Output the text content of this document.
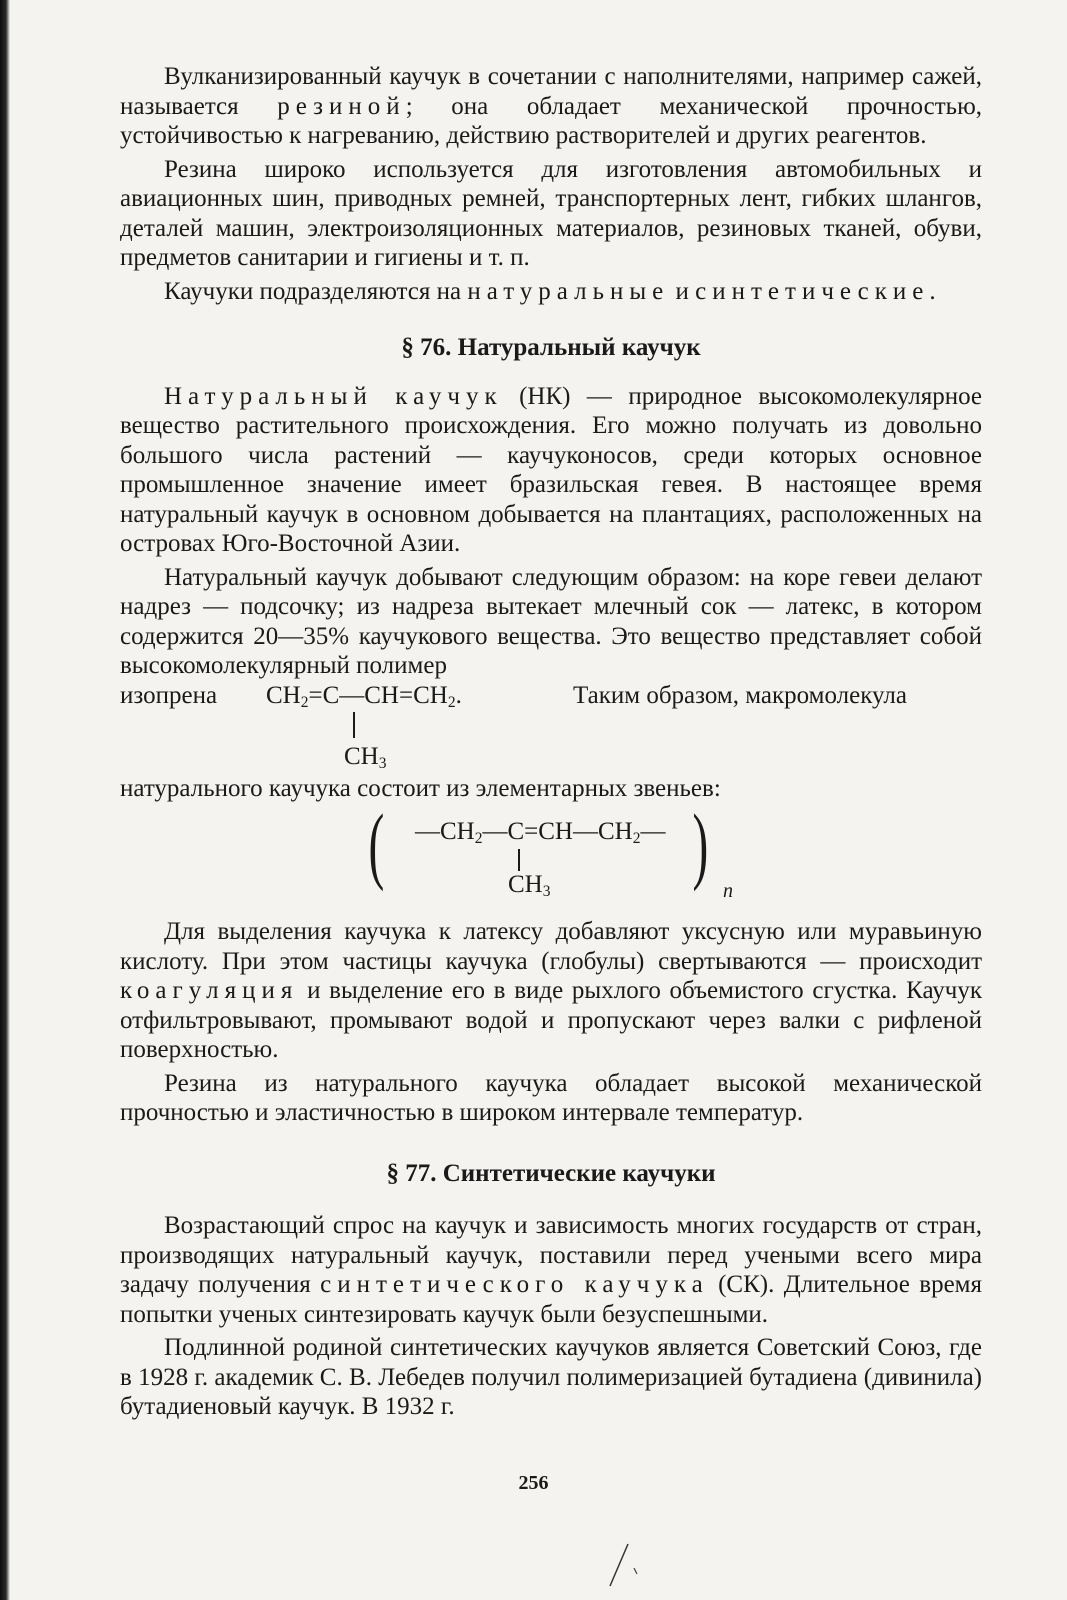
Вулканизированный каучук в сочетании с наполнителями, например сажей, называется резиной; она обладает механической прочностью, устойчивостью к нагреванию, действию растворителей и других реагентов.

Резина широко используется для изготовления автомобильных и авиационных шин, приводных ремней, транспортерных лент, гибких шлангов, деталей машин, электроизоляционных материалов, резиновых тканей, обуви, предметов санитарии и гигиены и т. п.

Каучуки подразделяются на натуральные и синтетические.

§ 76. Натуральный каучук

Натуральный каучук (НК) — природное высокомолекулярное вещество растительного происхождения. Его можно получать из довольно большого числа растений — каучуконосов, среди которых основное промышленное значение имеет бразильская гевея. В настоящее время натуральный каучук в основном добывается на плантациях, расположенных на островах Юго-Восточной Азии.

Натуральный каучук добывают следующим образом: на коре гевеи делают надрез — подсочку; из надреза вытекает млечный сок — латекс, в котором содержится 20—35% каучукового вещества. Это вещество представляет собой высокомолекулярный полимер

изопрена $CH_2=C—CH=CH_2$.	Таким образом, макромолекула
$CH_3$

натурального каучука состоит из элементарных звеньев:

( $—CH_2—C=CH—CH_2—$
$CH_3$ ) n

Для выделения каучука к латексу добавляют уксусную или муравьиную кислоту. При этом частицы каучука (глобулы) свертываются — происходит коагуляция и выделение его в виде рыхлого объемистого сгустка. Каучук отфильтровывают, промывают водой и пропускают через валки с рифленой поверхностью.

Резина из натурального каучука обладает высокой механической прочностью и эластичностью в широком интервале температур.

§ 77. Синтетические каучуки

Возрастающий спрос на каучук и зависимость многих государств от стран, производящих натуральный каучук, поставили перед учеными всего мира задачу получения синтетического каучука (СК). Длительное время попытки ученых синтезировать каучук были безуспешными.

Подлинной родиной синтетических каучуков является Советский Союз, где в 1928 г. академик С. В. Лебедев получил полимеризацией бутадиена (дивинила) бутадиеновый каучук. В 1932 г.

256
